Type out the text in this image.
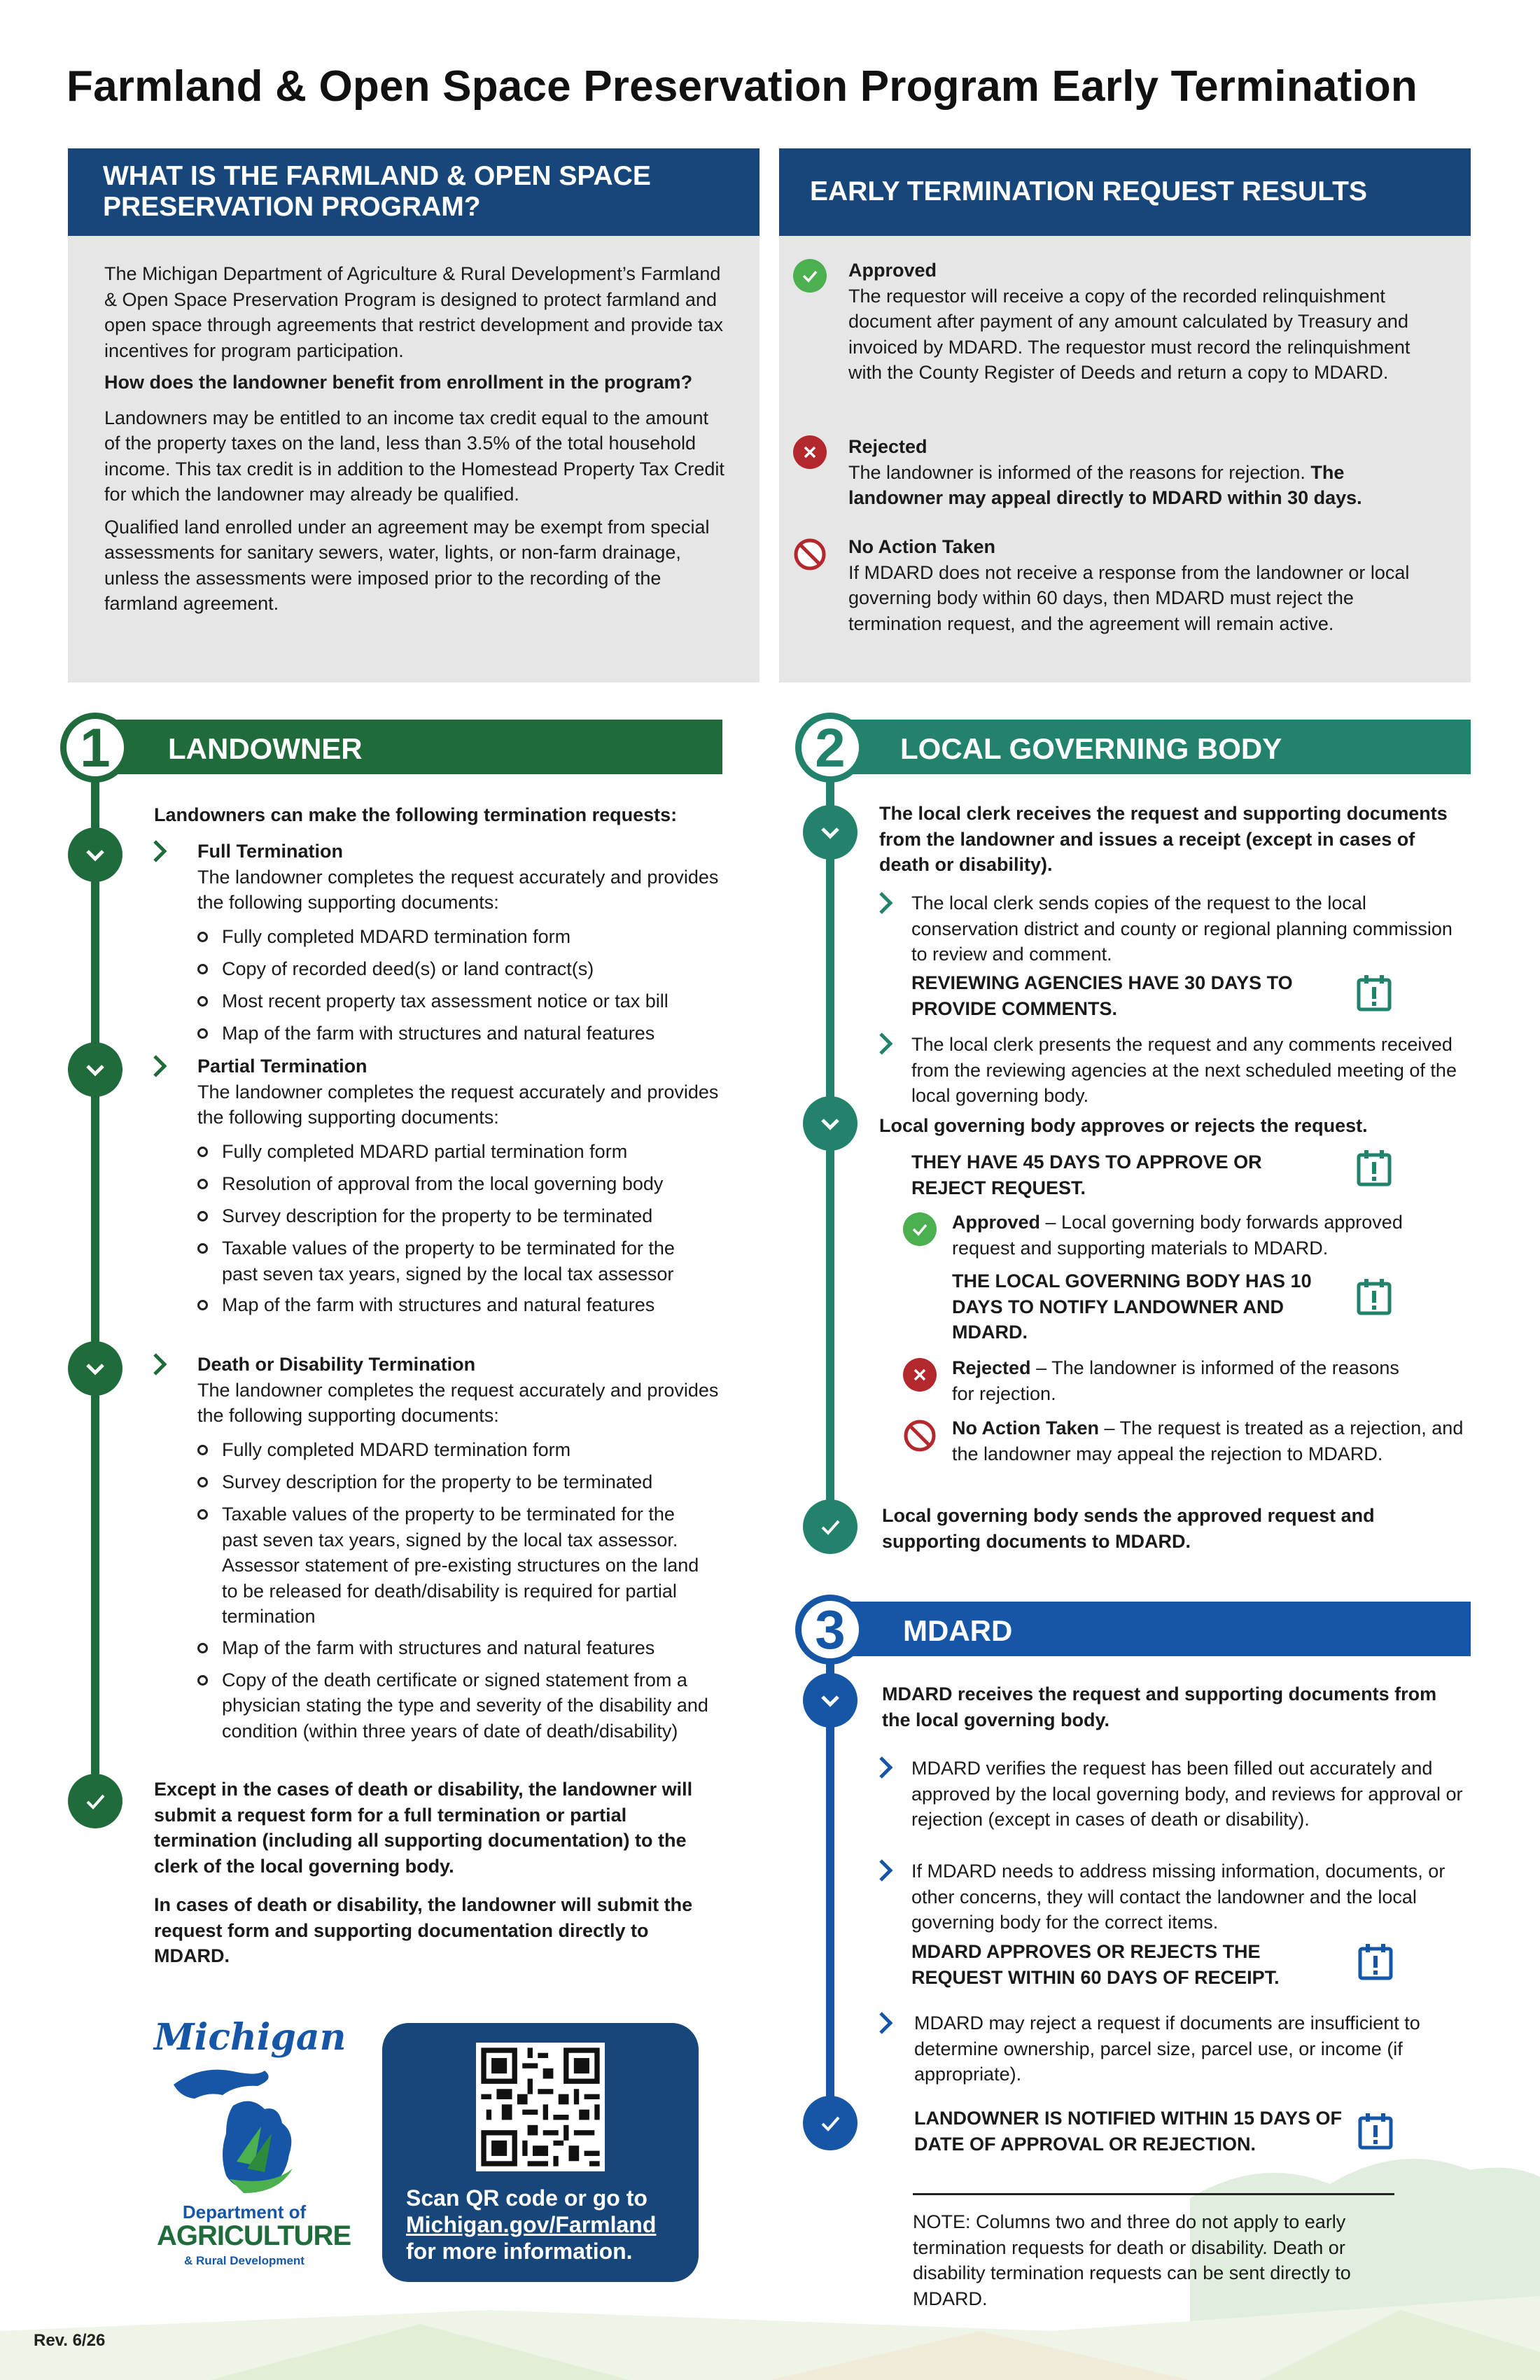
Farmland & Open Space Preservation Program Early Termination
WHAT IS THE FARMLAND & OPEN SPACE PRESERVATION PROGRAM?
The Michigan Department of Agriculture & Rural Development’s Farmland & Open Space Preservation Program is designed to protect farmland and open space through agreements that restrict development and provide tax incentives for program participation.
How does the landowner benefit from enrollment in the program?
Landowners may be entitled to an income tax credit equal to the amount of the property taxes on the land, less than 3.5% of the total household income. This tax credit is in addition to the Homestead Property Tax Credit for which the landowner may already be qualified.
Qualified land enrolled under an agreement may be exempt from special assessments for sanitary sewers, water, lights, or non-farm drainage, unless the assessments were imposed prior to the recording of the farmland agreement.
EARLY TERMINATION REQUEST RESULTS
Approved
The requestor will receive a copy of the recorded relinquishment document after payment of any amount calculated by Treasury and invoiced by MDARD. The requestor must record the relinquishment with the County Register of Deeds and return a copy to MDARD.
Rejected
The landowner is informed of the reasons for rejection. The landowner may appeal directly to MDARD within 30 days.
No Action Taken
If MDARD does not receive a response from the landowner or local governing body within 60 days, then MDARD must reject the termination request, and the agreement will remain active.
LANDOWNER
1
Landowners can make the following termination requests:
Full Termination
The landowner completes the request accurately and provides the following supporting documents:
Fully completed MDARD termination form
Copy of recorded deed(s) or land contract(s)
Most recent property tax assessment notice or tax bill
Map of the farm with structures and natural features
Partial Termination
The landowner completes the request accurately and provides the following supporting documents:
Fully completed MDARD partial termination form
Resolution of approval from the local governing body
Survey description for the property to be terminated
Taxable values of the property to be terminated for the past seven tax years, signed by the local tax assessor
Map of the farm with structures and natural features
Death or Disability Termination
The landowner completes the request accurately and provides the following supporting documents:
Fully completed MDARD termination form
Survey description for the property to be terminated
Taxable values of the property to be terminated for the past seven tax years, signed by the local tax assessor. Assessor statement of pre-existing structures on the land to be released for death/disability is required for partial termination
Map of the farm with structures and natural features
Copy of the death certificate or signed statement from a physician stating the type and severity of the disability and condition (within three years of date of death/disability)
Except in the cases of death or disability, the landowner will submit a request form for a full termination or partial termination (including all supporting documentation) to the clerk of the local governing body.
In cases of death or disability, the landowner will submit the request form and supporting documentation directly to MDARD.
LOCAL GOVERNING BODY
2
The local clerk receives the request and supporting documents from the landowner and issues a receipt (except in cases of death or disability).
The local clerk sends copies of the request to the local conservation district and county or regional planning commission to review and comment.
REVIEWING AGENCIES HAVE 30 DAYS TO PROVIDE COMMENTS.
The local clerk presents the request and any comments received from the reviewing agencies at the next scheduled meeting of the local governing body.
Local governing body approves or rejects the request.
THEY HAVE 45 DAYS TO APPROVE OR REJECT REQUEST.
Approved – Local governing body forwards approved request and supporting materials to MDARD.
THE LOCAL GOVERNING BODY HAS 10 DAYS TO NOTIFY LANDOWNER AND MDARD.
Rejected – The landowner is informed of the reasons for rejection.
No Action Taken – The request is treated as a rejection, and the landowner may appeal the rejection to MDARD.
Local governing body sends the approved request and supporting documents to MDARD.
MDARD
3
MDARD receives the request and supporting documents from the local governing body.
MDARD verifies the request has been filled out accurately and approved by the local governing body, and reviews for approval or rejection (except in cases of death or disability).
If MDARD needs to address missing information, documents, or other concerns, they will contact the landowner and the local governing body for the correct items.
MDARD APPROVES OR REJECTS THE REQUEST WITHIN 60 DAYS OF RECEIPT.
MDARD may reject a request if documents are insufficient to determine ownership, parcel size, parcel use, or income (if appropriate).
LANDOWNER IS NOTIFIED WITHIN 15 DAYS OF DATE OF APPROVAL OR REJECTION.
NOTE: Columns two and three do not apply to early termination requests for death or disability. Death or disability termination requests can be sent directly to MDARD.
Michigan
Department of
AGRICULTURE
& Rural Development
Scan QR code or go to
Michigan.gov/Farmland
for more information.
Rev. 6/26
